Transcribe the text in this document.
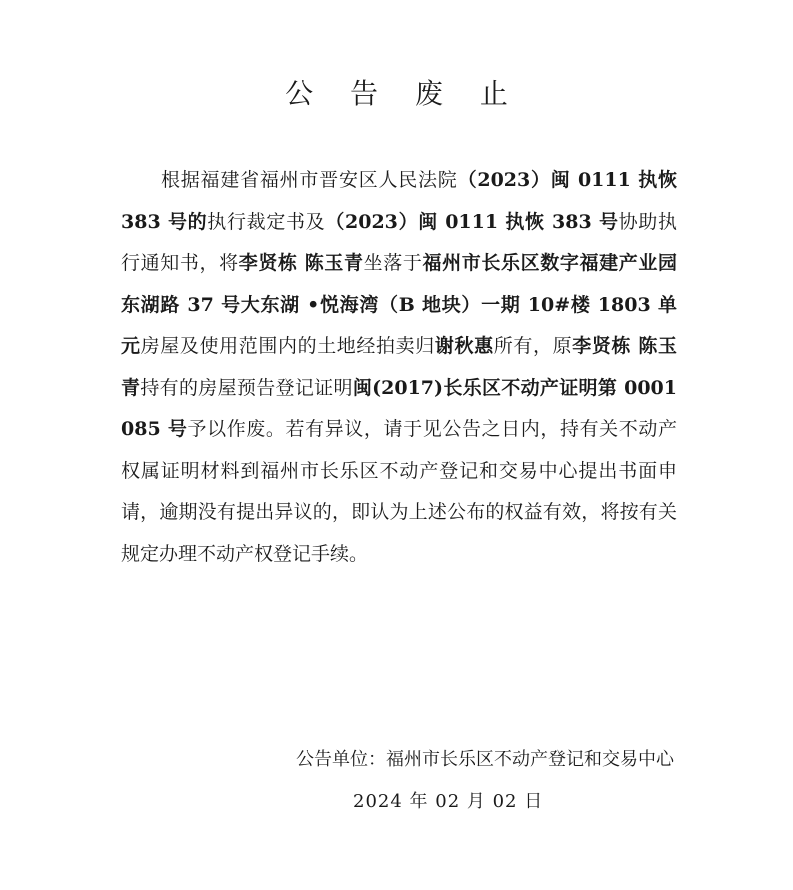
公 告 废 止

根据福建省福州市晋安区人民法院（2023）闽 0111 执恢 383 号的执行裁定书及（2023）闽 0111 执恢 383 号协助执行通知书，将李贤栋 陈玉青坐落于福州市长乐区数字福建产业园东湖路 37 号大东湖 •悦海湾（B 地块）一期 10#楼 1803 单元房屋及使用范围内的土地经拍卖归谢秋惠所有，原李贤栋 陈玉青持有的房屋预告登记证明闽(2017)长乐区不动产证明第 0001085 号予以作废。若有异议，请于见公告之日内，持有关不动产权属证明材料到福州市长乐区不动产登记和交易中心提出书面申请，逾期没有提出异议的，即认为上述公布的权益有效，将按有关规定办理不动产权登记手续。

公告单位：福州市长乐区不动产登记和交易中心
2024 年 02 月 02 日
